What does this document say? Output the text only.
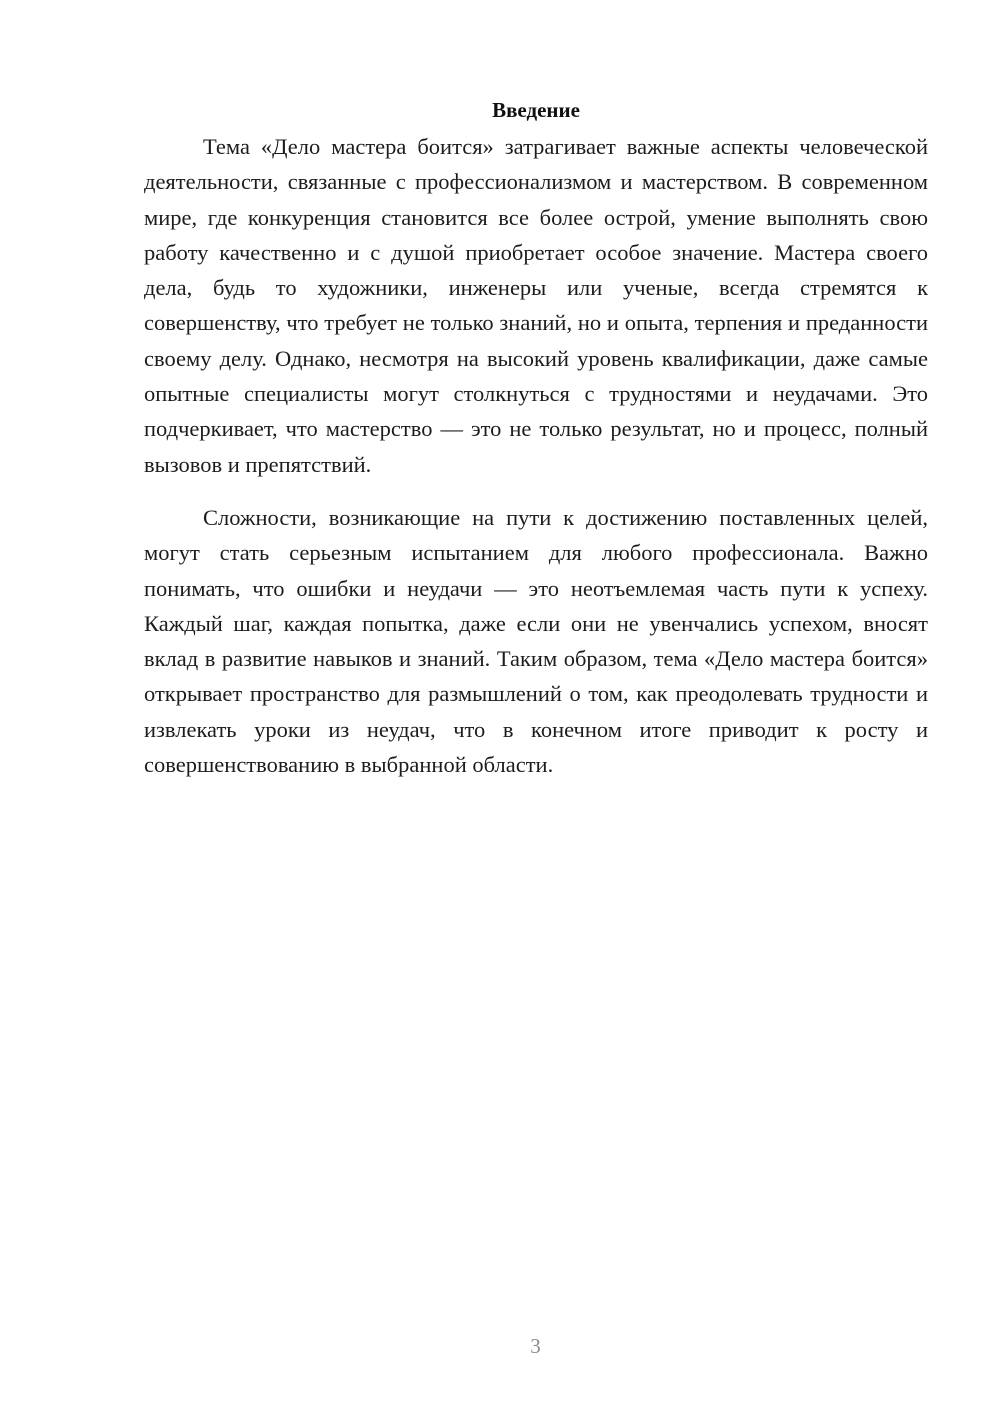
Введение

Тема «Дело мастера боится» затрагивает важные аспекты человеческой деятельности, связанные с профессионализмом и мастерством. В современном мире, где конкуренция становится все более острой, умение выполнять свою работу качественно и с душой приобретает особое значение. Мастера своего дела, будь то художники, инженеры или ученые, всегда стремятся к совершенству, что требует не только знаний, но и опыта, терпения и преданности своему делу. Однако, несмотря на высокий уровень квалификации, даже самые опытные специалисты могут столкнуться с трудностями и неудачами. Это подчеркивает, что мастерство — это не только результат, но и процесс, полный вызовов и препятствий.

Сложности, возникающие на пути к достижению поставленных целей, могут стать серьезным испытанием для любого профессионала. Важно понимать, что ошибки и неудачи — это неотъемлемая часть пути к успеху. Каждый шаг, каждая попытка, даже если они не увенчались успехом, вносят вклад в развитие навыков и знаний. Таким образом, тема «Дело мастера боится» открывает пространство для размышлений о том, как преодолевать трудности и извлекать уроки из неудач, что в конечном итоге приводит к росту и совершенствованию в выбранной области.

3
